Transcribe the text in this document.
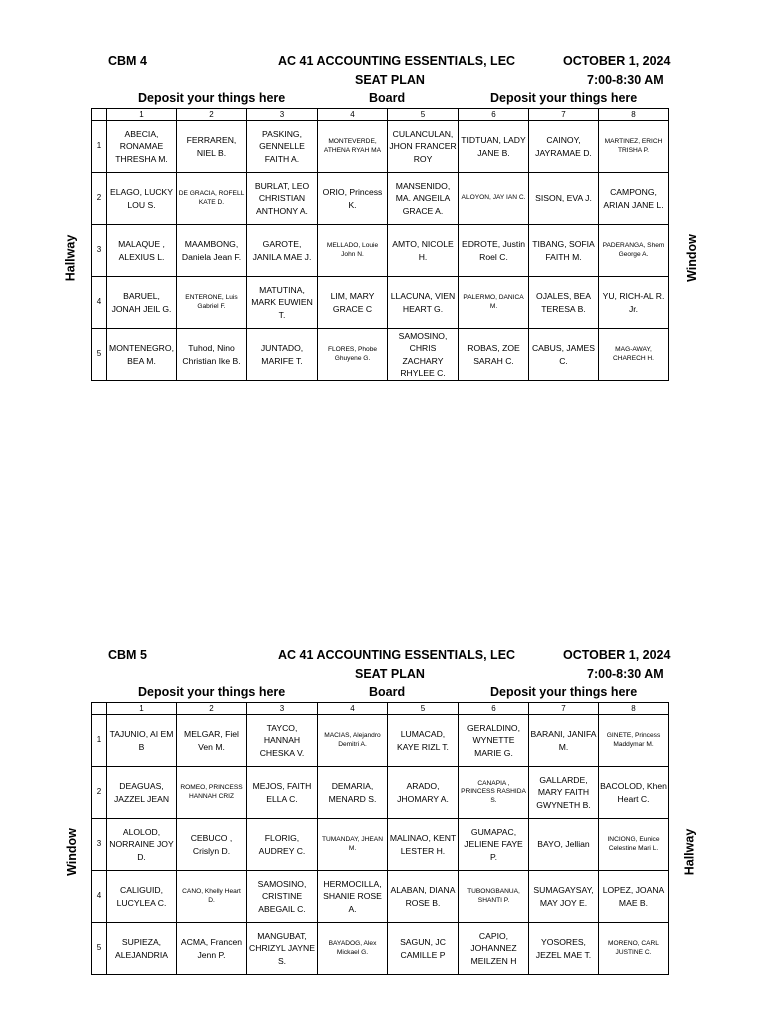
CBM 4	AC 41 ACCOUNTING ESSENTIALS, LEC	OCTOBER 1, 2024
SEAT PLAN	7:00-8:30 AM
Deposit your things here	Board	Deposit your things here
Hallway	Window
	1	2	3	4	5	6	7	8
1	ABECIA, RONAMAE THRESHA M.	FERRAREN, NIEL B.	PASKING, GENNELLE FAITH A.	MONTEVERDE, ATHENA RYAH MA	CULANCULAN, JHON FRANCER ROY	TIDTUAN, LADY JANE B.	CAINOY, JAYRAMAE D.	MARTINEZ, ERICH TRISHA P.
2	ELAGO, LUCKY LOU S.	DE GRACIA, ROFELL KATE D.	BURLAT, LEO CHRISTIAN ANTHONY A.	ORIO, Princess K.	MANSENIDO, MA. ANGEILA GRACE A.	ALOYON, JAY IAN C.	SISON, EVA J.	CAMPONG, ARIAN JANE L.
3	MALAQUE , ALEXIUS L.	MAAMBONG, Daniela Jean F.	GAROTE, JANILA MAE J.	MELLADO, Louie John N.	AMTO, NICOLE H.	EDROTE, Justin Roel C.	TIBANG, SOFIA FAITH M.	PADERANGA, Shem George A.
4	BARUEL, JONAH JEIL G.	ENTERONE, Luis Gabriel F.	MATUTINA, MARK EUWIEN T.	LIM, MARY GRACE C	LLACUNA, VIEN HEART G.	PALERMO, DANICA M.	OJALES, BEA TERESA B.	YU, RICH-AL R. Jr.
5	MONTENEGRO, BEA M.	Tuhod, Nino Christian Ike B.	JUNTADO, MARIFE T.	FLORES, Phobe Ghuyene G.	SAMOSINO, CHRIS ZACHARY RHYLEE C.	ROBAS, ZOE SARAH C.	CABUS, JAMES C.	MAG-AWAY, CHARECH H.
CBM 5	AC 41 ACCOUNTING ESSENTIALS, LEC	OCTOBER 1, 2024
SEAT PLAN	7:00-8:30 AM
Deposit your things here	Board	Deposit your things here
Window	Hallway
	1	2	3	4	5	6	7	8
1	TAJUNIO, AI EM B	MELGAR, Fiel Ven M.	TAYCO, HANNAH CHESKA V.	MACIAS, Alejandro Demitri A.	LUMACAD, KAYE RIZL T.	GERALDINO, WYNETTE MARIE G.	BARANI, JANIFA M.	GINETE, Princess Maddymar M.
2	DEAGUAS, JAZZEL JEAN	ROMEO, PRINCESS HANNAH CRIZ	MEJOS, FAITH ELLA C.	DEMARIA, MENARD S.	ARADO, JHOMARY A.	CANAPIA , PRINCESS RASHIDA S.	GALLARDE, MARY FAITH GWYNETH B.	BACOLOD, Khen Heart C.
3	ALOLOD, NORRAINE JOY D.	CEBUCO , Crislyn D.	FLORIG, AUDREY C.	TUMANDAY, JHEAN M.	MALINAO, KENT LESTER H.	GUMAPAC, JELIENE FAYE P.	BAYO, Jellian	INCIONG, Eunice Celestine Mari L.
4	CALIGUID, LUCYLEA C.	CANO, Khelly Heart D.	SAMOSINO, CRISTINE ABEGAIL C.	HERMOCILLA, SHANIE ROSE A.	ALABAN, DIANA ROSE B.	TUBONGBANUA, SHANTI P.	SUMAGAYSAY, MAY JOY E.	LOPEZ, JOANA MAE B.
5	SUPIEZA, ALEJANDRIA	ACMA, Francen Jenn P.	MANGUBAT, CHRIZYL JAYNE S.	BAYADOG, Alex Mickael G.	SAGUN, JC CAMILLE P	CAPIO, JOHANNEZ MEILZEN H	YOSORES, JEZEL MAE T.	MORENO, CARL JUSTINE C.
